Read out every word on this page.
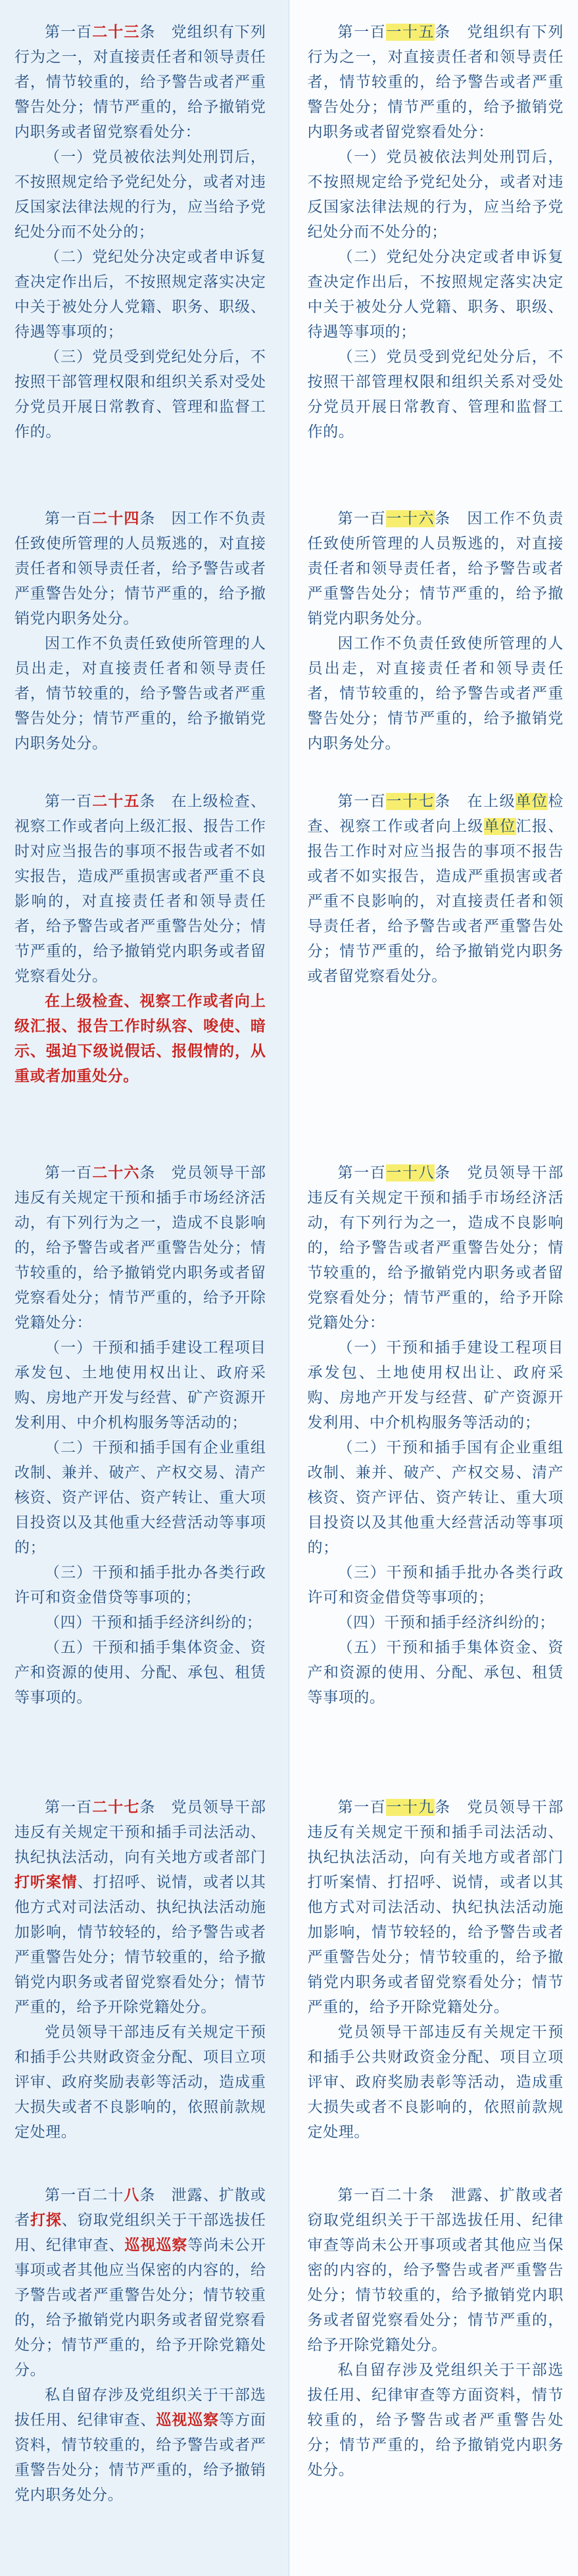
第一百二十三条　党组织有下列行为之一，对直接责任者和领导责任者，情节较重的，给予警告或者严重警告处分；情节严重的，给予撤销党内职务或者留党察看处分：

（一）党员被依法判处刑罚后，不按照规定给予党纪处分，或者对违反国家法律法规的行为，应当给予党纪处分而不处分的；

（二）党纪处分决定或者申诉复查决定作出后，不按照规定落实决定中关于被处分人党籍、职务、职级、待遇等事项的；

（三）党员受到党纪处分后，不按照干部管理权限和组织关系对受处分党员开展日常教育、管理和监督工作的。

第一百二十四条　因工作不负责任致使所管理的人员叛逃的，对直接责任者和领导责任者，给予警告或者严重警告处分；情节严重的，给予撤销党内职务处分。

因工作不负责任致使所管理的人员出走，对直接责任者和领导责任者，情节较重的，给予警告或者严重警告处分；情节严重的，给予撤销党内职务处分。

第一百二十五条　在上级检查、视察工作或者向上级汇报、报告工作时对应当报告的事项不报告或者不如实报告，造成严重损害或者严重不良影响的，对直接责任者和领导责任者，给予警告或者严重警告处分；情节严重的，给予撤销党内职务或者留党察看处分。

在上级检查、视察工作或者向上级汇报、报告工作时纵容、唆使、暗示、强迫下级说假话、报假情的，从重或者加重处分。

第一百二十六条　党员领导干部违反有关规定干预和插手市场经济活动，有下列行为之一，造成不良影响的，给予警告或者严重警告处分；情节较重的，给予撤销党内职务或者留党察看处分；情节严重的，给予开除党籍处分：

（一）干预和插手建设工程项目承发包、土地使用权出让、政府采购、房地产开发与经营、矿产资源开发利用、中介机构服务等活动的；

（二）干预和插手国有企业重组改制、兼并、破产、产权交易、清产核资、资产评估、资产转让、重大项目投资以及其他重大经营活动等事项的；

（三）干预和插手批办各类行政许可和资金借贷等事项的；

（四）干预和插手经济纠纷的；

（五）干预和插手集体资金、资产和资源的使用、分配、承包、租赁等事项的。

第一百二十七条　党员领导干部违反有关规定干预和插手司法活动、执纪执法活动，向有关地方或者部门打听案情、打招呼、说情，或者以其他方式对司法活动、执纪执法活动施加影响，情节较轻的，给予警告或者严重警告处分；情节较重的，给予撤销党内职务或者留党察看处分；情节严重的，给予开除党籍处分。

党员领导干部违反有关规定干预和插手公共财政资金分配、项目立项评审、政府奖励表彰等活动，造成重大损失或者不良影响的，依照前款规定处理。

第一百二十八条　泄露、扩散或者打探、窃取党组织关于干部选拔任用、纪律审查、巡视巡察等尚未公开事项或者其他应当保密的内容的，给予警告或者严重警告处分；情节较重的，给予撤销党内职务或者留党察看处分；情节严重的，给予开除党籍处分。

私自留存涉及党组织关于干部选拔任用、纪律审查、巡视巡察等方面资料，情节较重的，给予警告或者严重警告处分；情节严重的，给予撤销党内职务处分。

第一百一十五条　党组织有下列行为之一，对直接责任者和领导责任者，情节较重的，给予警告或者严重警告处分；情节严重的，给予撤销党内职务或者留党察看处分：

（一）党员被依法判处刑罚后，不按照规定给予党纪处分，或者对违反国家法律法规的行为，应当给予党纪处分而不处分的；

（二）党纪处分决定或者申诉复查决定作出后，不按照规定落实决定中关于被处分人党籍、职务、职级、待遇等事项的；

（三）党员受到党纪处分后，不按照干部管理权限和组织关系对受处分党员开展日常教育、管理和监督工作的。

第一百一十六条　因工作不负责任致使所管理的人员叛逃的，对直接责任者和领导责任者，给予警告或者严重警告处分；情节严重的，给予撤销党内职务处分。

因工作不负责任致使所管理的人员出走，对直接责任者和领导责任者，情节较重的，给予警告或者严重警告处分；情节严重的，给予撤销党内职务处分。

第一百一十七条　在上级单位检查、视察工作或者向上级单位汇报、报告工作时对应当报告的事项不报告或者不如实报告，造成严重损害或者严重不良影响的，对直接责任者和领导责任者，给予警告或者严重警告处分；情节严重的，给予撤销党内职务或者留党察看处分。

第一百一十八条　党员领导干部违反有关规定干预和插手市场经济活动，有下列行为之一，造成不良影响的，给予警告或者严重警告处分；情节较重的，给予撤销党内职务或者留党察看处分；情节严重的，给予开除党籍处分：

（一）干预和插手建设工程项目承发包、土地使用权出让、政府采购、房地产开发与经营、矿产资源开发利用、中介机构服务等活动的；

（二）干预和插手国有企业重组改制、兼并、破产、产权交易、清产核资、资产评估、资产转让、重大项目投资以及其他重大经营活动等事项的；

（三）干预和插手批办各类行政许可和资金借贷等事项的；

（四）干预和插手经济纠纷的；

（五）干预和插手集体资金、资产和资源的使用、分配、承包、租赁等事项的。

第一百一十九条　党员领导干部违反有关规定干预和插手司法活动、执纪执法活动，向有关地方或者部门打听案情、打招呼、说情，或者以其他方式对司法活动、执纪执法活动施加影响，情节较轻的，给予警告或者严重警告处分；情节较重的，给予撤销党内职务或者留党察看处分；情节严重的，给予开除党籍处分。

党员领导干部违反有关规定干预和插手公共财政资金分配、项目立项评审、政府奖励表彰等活动，造成重大损失或者不良影响的，依照前款规定处理。

第一百二十条　泄露、扩散或者窃取党组织关于干部选拔任用、纪律审查等尚未公开事项或者其他应当保密的内容的，给予警告或者严重警告处分；情节较重的，给予撤销党内职务或者留党察看处分；情节严重的，给予开除党籍处分。

私自留存涉及党组织关于干部选拔任用、纪律审查等方面资料，情节较重的，给予警告或者严重警告处分；情节严重的，给予撤销党内职务处分。
